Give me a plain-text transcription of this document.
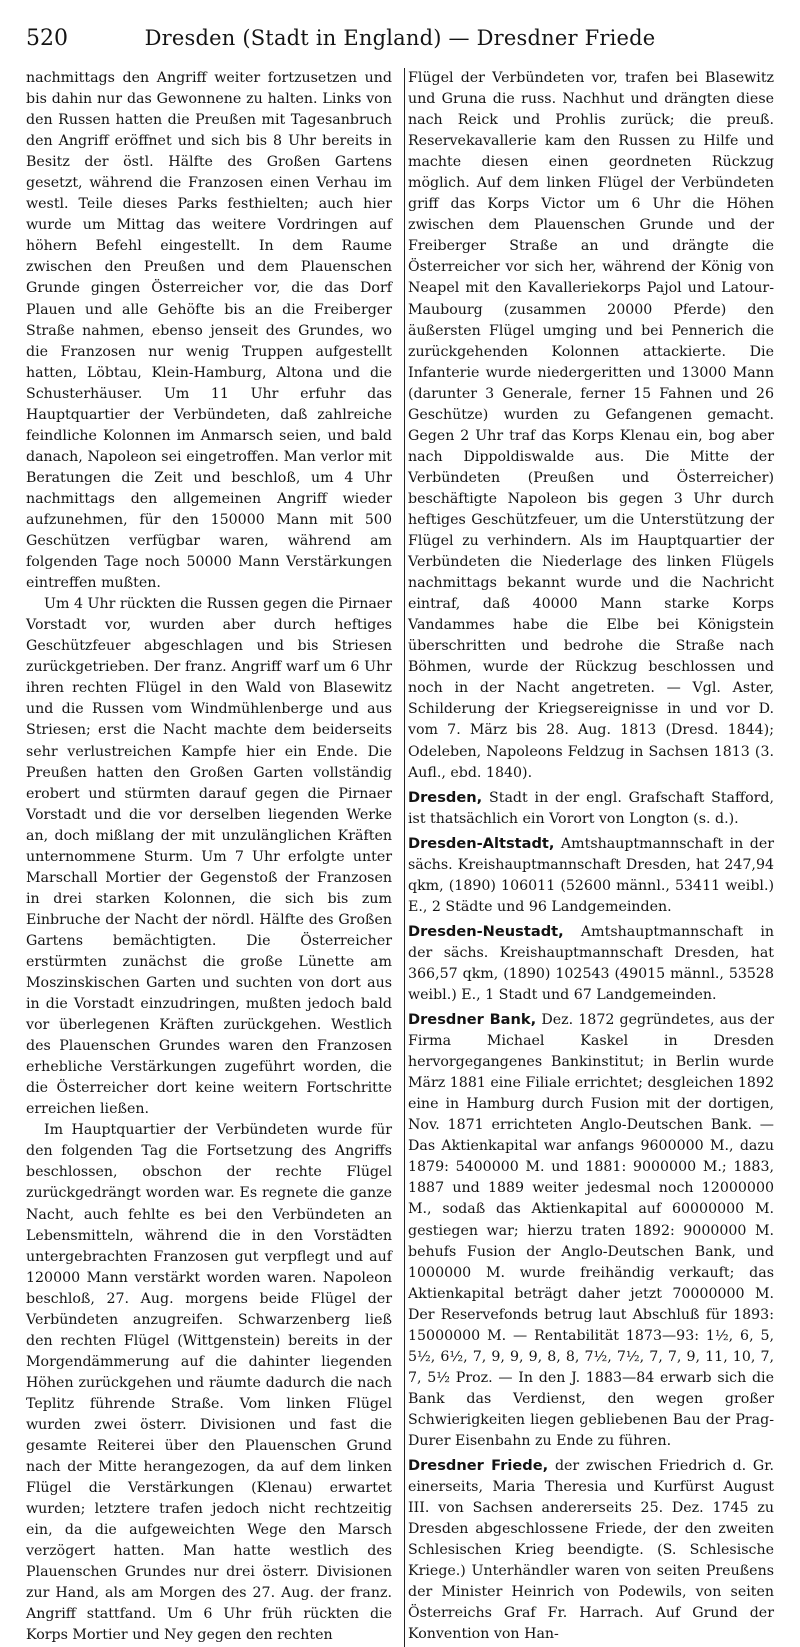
520	Dresden (Stadt in England) — Dresdner Friede

nachmittags den Angriff weiter fortzusetzen und bis dahin nur das Gewonnene zu halten. Links von den Russen hatten die Preußen mit Tagesanbruch den Angriff eröffnet und sich bis 8 Uhr bereits in Besitz der östl. Hälfte des Großen Gartens gesetzt, während die Franzosen einen Verhau im westl. Teile dieses Parks festhielten; auch hier wurde um Mittag das weitere Vordringen auf höhern Befehl eingestellt. In dem Raume zwischen den Preußen und dem Plauenschen Grunde gingen Österreicher vor, die das Dorf Plauen und alle Gehöfte bis an die Freiberger Straße nahmen, ebenso jenseit des Grundes, wo die Franzosen nur wenig Truppen aufgestellt hatten, Löbtau, Klein-Hamburg, Altona und die Schusterhäuser. Um 11 Uhr erfuhr das Hauptquartier der Verbündeten, daß zahlreiche feindliche Kolonnen im Anmarsch seien, und bald danach, Napoleon sei eingetroffen. Man verlor mit Beratungen die Zeit und beschloß, um 4 Uhr nachmittags den allgemeinen Angriff wieder aufzunehmen, für den 150000 Mann mit 500 Geschützen verfügbar waren, während am folgenden Tage noch 50000 Mann Verstärkungen eintreffen mußten.

Um 4 Uhr rückten die Russen gegen die Pirnaer Vorstadt vor, wurden aber durch heftiges Geschützfeuer abgeschlagen und bis Striesen zurückgetrieben. Der franz. Angriff warf um 6 Uhr ihren rechten Flügel in den Wald von Blasewitz und die Russen vom Windmühlenberge und aus Striesen; erst die Nacht machte dem beiderseits sehr verlustreichen Kampfe hier ein Ende. Die Preußen hatten den Großen Garten vollständig erobert und stürmten darauf gegen die Pirnaer Vorstadt und die vor derselben liegenden Werke an, doch mißlang der mit unzulänglichen Kräften unternommene Sturm. Um 7 Uhr erfolgte unter Marschall Mortier der Gegenstoß der Franzosen in drei starken Kolonnen, die sich bis zum Einbruche der Nacht der nördl. Hälfte des Großen Gartens bemächtigten. Die Österreicher erstürmten zunächst die große Lünette am Moszinskischen Garten und suchten von dort aus in die Vorstadt einzudringen, mußten jedoch bald vor überlegenen Kräften zurückgehen. Westlich des Plauenschen Grundes waren den Franzosen erhebliche Verstärkungen zugeführt worden, die die Österreicher dort keine weitern Fortschritte erreichen ließen.

Im Hauptquartier der Verbündeten wurde für den folgenden Tag die Fortsetzung des Angriffs beschlossen, obschon der rechte Flügel zurückgedrängt worden war. Es regnete die ganze Nacht, auch fehlte es bei den Verbündeten an Lebensmitteln, während die in den Vorstädten untergebrachten Franzosen gut verpflegt und auf 120000 Mann verstärkt worden waren. Napoleon beschloß, 27. Aug. morgens beide Flügel der Verbündeten anzugreifen. Schwarzenberg ließ den rechten Flügel (Wittgenstein) bereits in der Morgendämmerung auf die dahinter liegenden Höhen zurückgehen und räumte dadurch die nach Teplitz führende Straße. Vom linken Flügel wurden zwei österr. Divisionen und fast die gesamte Reiterei über den Plauenschen Grund nach der Mitte herangezogen, da auf dem linken Flügel die Verstärkungen (Klenau) erwartet wurden; letztere trafen jedoch nicht rechtzeitig ein, da die aufgeweichten Wege den Marsch verzögert hatten. Man hatte westlich des Plauenschen Grundes nur drei österr. Divisionen zur Hand, als am Morgen des 27. Aug. der franz. Angriff stattfand. Um 6 Uhr früh rückten die Korps Mortier und Ney gegen den rechten

Flügel der Verbündeten vor, trafen bei Blasewitz und Gruna die russ. Nachhut und drängten diese nach Reick und Prohlis zurück; die preuß. Reservekavallerie kam den Russen zu Hilfe und machte diesen einen geordneten Rückzug möglich. Auf dem linken Flügel der Verbündeten griff das Korps Victor um 6 Uhr die Höhen zwischen dem Plauenschen Grunde und der Freiberger Straße an und drängte die Österreicher vor sich her, während der König von Neapel mit den Kavalleriekorps Pajol und Latour-Maubourg (zusammen 20000 Pferde) den äußersten Flügel umging und bei Pennerich die zurückgehenden Kolonnen attackierte. Die Infanterie wurde niedergeritten und 13000 Mann (darunter 3 Generale, ferner 15 Fahnen und 26 Geschütze) wurden zu Gefangenen gemacht. Gegen 2 Uhr traf das Korps Klenau ein, bog aber nach Dippoldiswalde aus. Die Mitte der Verbündeten (Preußen und Österreicher) beschäftigte Napoleon bis gegen 3 Uhr durch heftiges Geschützfeuer, um die Unterstützung der Flügel zu verhindern. Als im Hauptquartier der Verbündeten die Niederlage des linken Flügels nachmittags bekannt wurde und die Nachricht eintraf, daß 40000 Mann starke Korps Vandammes habe die Elbe bei Königstein überschritten und bedrohe die Straße nach Böhmen, wurde der Rückzug beschlossen und noch in der Nacht angetreten. — Vgl. Aster, Schilderung der Kriegsereignisse in und vor D. vom 7. März bis 28. Aug. 1813 (Dresd. 1844); Odeleben, Napoleons Feldzug in Sachsen 1813 (3. Aufl., ebd. 1840).

Dresden, Stadt in der engl. Grafschaft Stafford, ist thatsächlich ein Vorort von Longton (s. d.).

Dresden-Altstadt, Amtshauptmannschaft in der sächs. Kreishauptmannschaft Dresden, hat 247,94 qkm, (1890) 106011 (52600 männl., 53411 weibl.) E., 2 Städte und 96 Landgemeinden.

Dresden-Neustadt, Amtshauptmannschaft in der sächs. Kreishauptmannschaft Dresden, hat 366,57 qkm, (1890) 102543 (49015 männl., 53528 weibl.) E., 1 Stadt und 67 Landgemeinden.

Dresdner Bank, Dez. 1872 gegründetes, aus der Firma Michael Kaskel in Dresden hervorgegangenes Bankinstitut; in Berlin wurde März 1881 eine Filiale errichtet; desgleichen 1892 eine in Hamburg durch Fusion mit der dortigen, Nov. 1871 errichteten Anglo-Deutschen Bank. — Das Aktienkapital war anfangs 9600000 M., dazu 1879: 5400000 M. und 1881: 9000000 M.; 1883, 1887 und 1889 weiter jedesmal noch 12000000 M., sodaß das Aktienkapital auf 60000000 M. gestiegen war; hierzu traten 1892: 9000000 M. behufs Fusion der Anglo-Deutschen Bank, und 1000000 M. wurde freihändig verkauft; das Aktienkapital beträgt daher jetzt 70000000 M. Der Reservefonds betrug laut Abschluß für 1893: 15000000 M. — Rentabilität 1873—93: 1½, 6, 5, 5½, 6½, 7, 9, 9, 9, 8, 8, 7½, 7½, 7, 7, 9, 11, 10, 7, 7, 5½ Proz. — In den J. 1883—84 erwarb sich die Bank das Verdienst, den wegen großer Schwierigkeiten liegen gebliebenen Bau der Prag-Durer Eisenbahn zu Ende zu führen.

Dresdner Friede, der zwischen Friedrich d. Gr. einerseits, Maria Theresia und Kurfürst August III. von Sachsen andererseits 25. Dez. 1745 zu Dresden abgeschlossene Friede, der den zweiten Schlesischen Krieg beendigte. (S. Schlesische Kriege.) Unterhändler waren von seiten Preußens der Minister Heinrich von Podewils, von seiten Österreichs Graf Fr. Harrach. Auf Grund der Konvention von Han-
